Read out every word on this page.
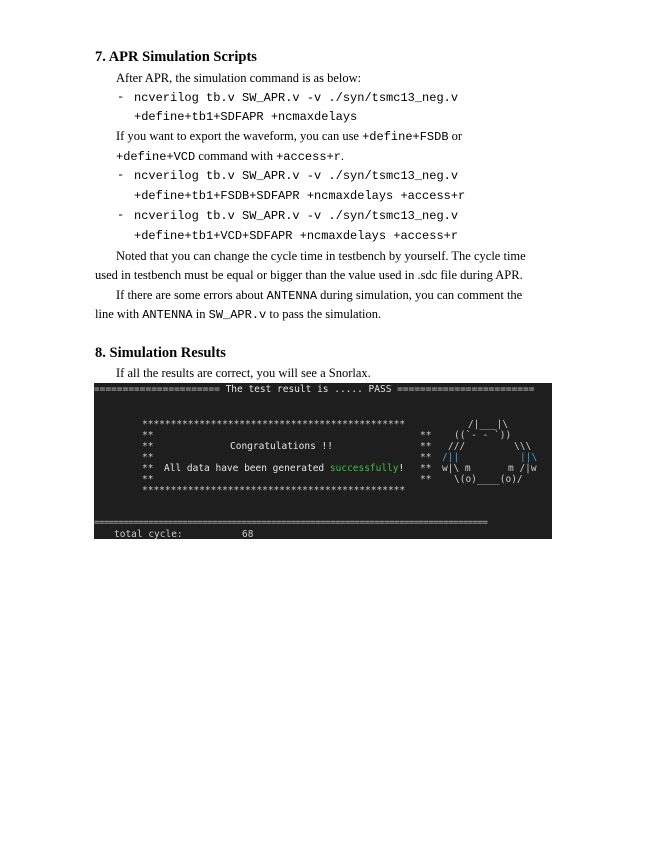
7. APR Simulation Scripts
After APR, the simulation command is as below:
- ncverilog tb.v SW_APR.v -v ./syn/tsmc13_neg.v
+define+tb1+SDFAPR +ncmaxdelays
If you want to export the waveform, you can use +define+FSDB or
+define+VCD command with +access+r.
- ncverilog tb.v SW_APR.v -v ./syn/tsmc13_neg.v
+define+tb1+FSDB+SDFAPR +ncmaxdelays +access+r
- ncverilog tb.v SW_APR.v -v ./syn/tsmc13_neg.v
+define+tb1+VCD+SDFAPR +ncmaxdelays +access+r
Noted that you can change the cycle time in testbench by yourself. The cycle time
used in testbench must be equal or bigger than the value used in .sdc file during APR.
If there are some errors about ANTENNA during simulation, you can comment the
line with ANTENNA in SW_APR.v to pass the simulation.
8. Simulation Results
If all the results are correct, you will see a Snorlax.
====================== The test result is ..... PASS ========================
**********************************************
**	**
**	Congratulations !!	**
**	**
** All data have been generated successfully! **
**	**
**********************************************
/|___|\
((`- - `))
///	\\\
/||	||\
w|\ m	m /|w
\(o)____(o)/
================================================================================
total cycle:	68
